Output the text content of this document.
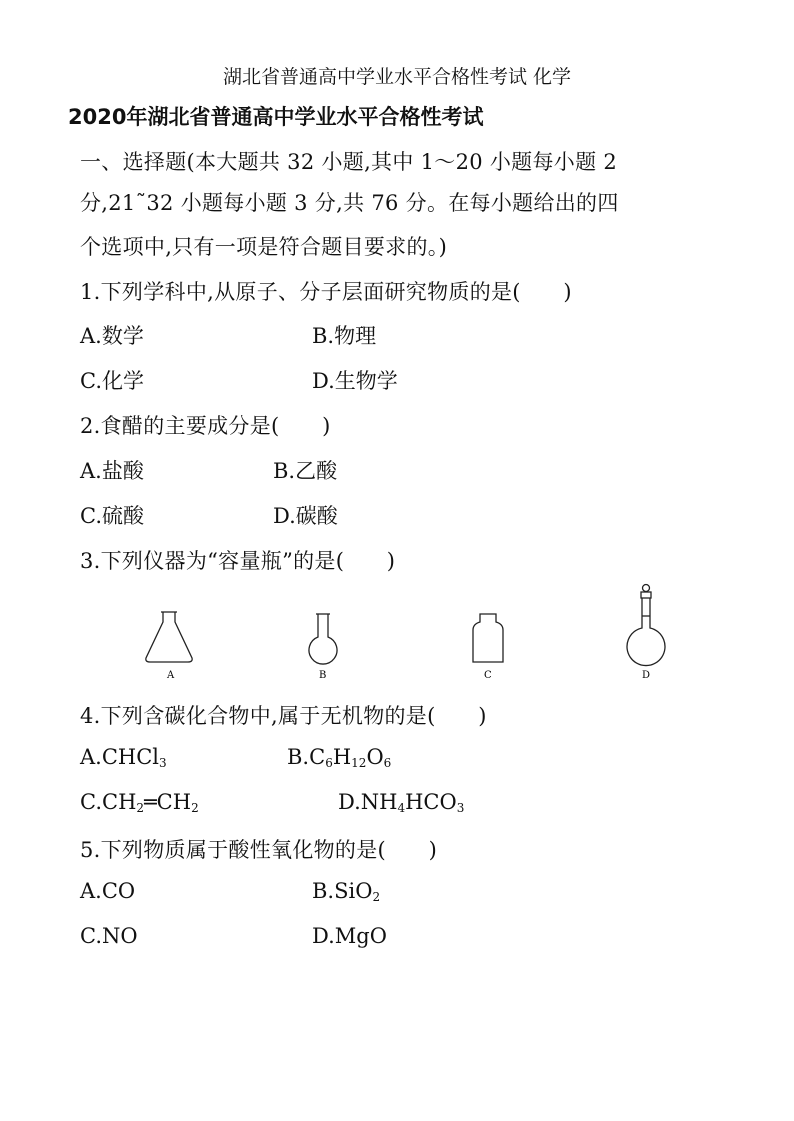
湖北省普通高中学业水平合格性考试 化学
2020年湖北省普通高中学业水平合格性考试
一、选择题(本大题共 32 小题,其中 1～20 小题每小题 2
分,21˜32 小题每小题 3 分,共 76 分。在每小题给出的四
个选项中,只有一项是符合题目要求的。)
1.下列学科中,从原子、分子层面研究物质的是(　　)
A.数学	B.物理
C.化学	D.生物学
2.食醋的主要成分是(　　)
A.盐酸	B.乙酸
C.硫酸	D.碳酸
3.下列仪器为“容量瓶”的是(　　)
A	B	C	D
4.下列含碳化合物中,属于无机物的是(　　)
A.CHCl$_3$	$B.C_6H_{12}O_6$
$C.CH_2═CH_2$	$D.NH_4HCO_3$
5.下列物质属于酸性氧化物的是(　　)
A.CO	B.SiO$_2$
C.NO	D.MgO
